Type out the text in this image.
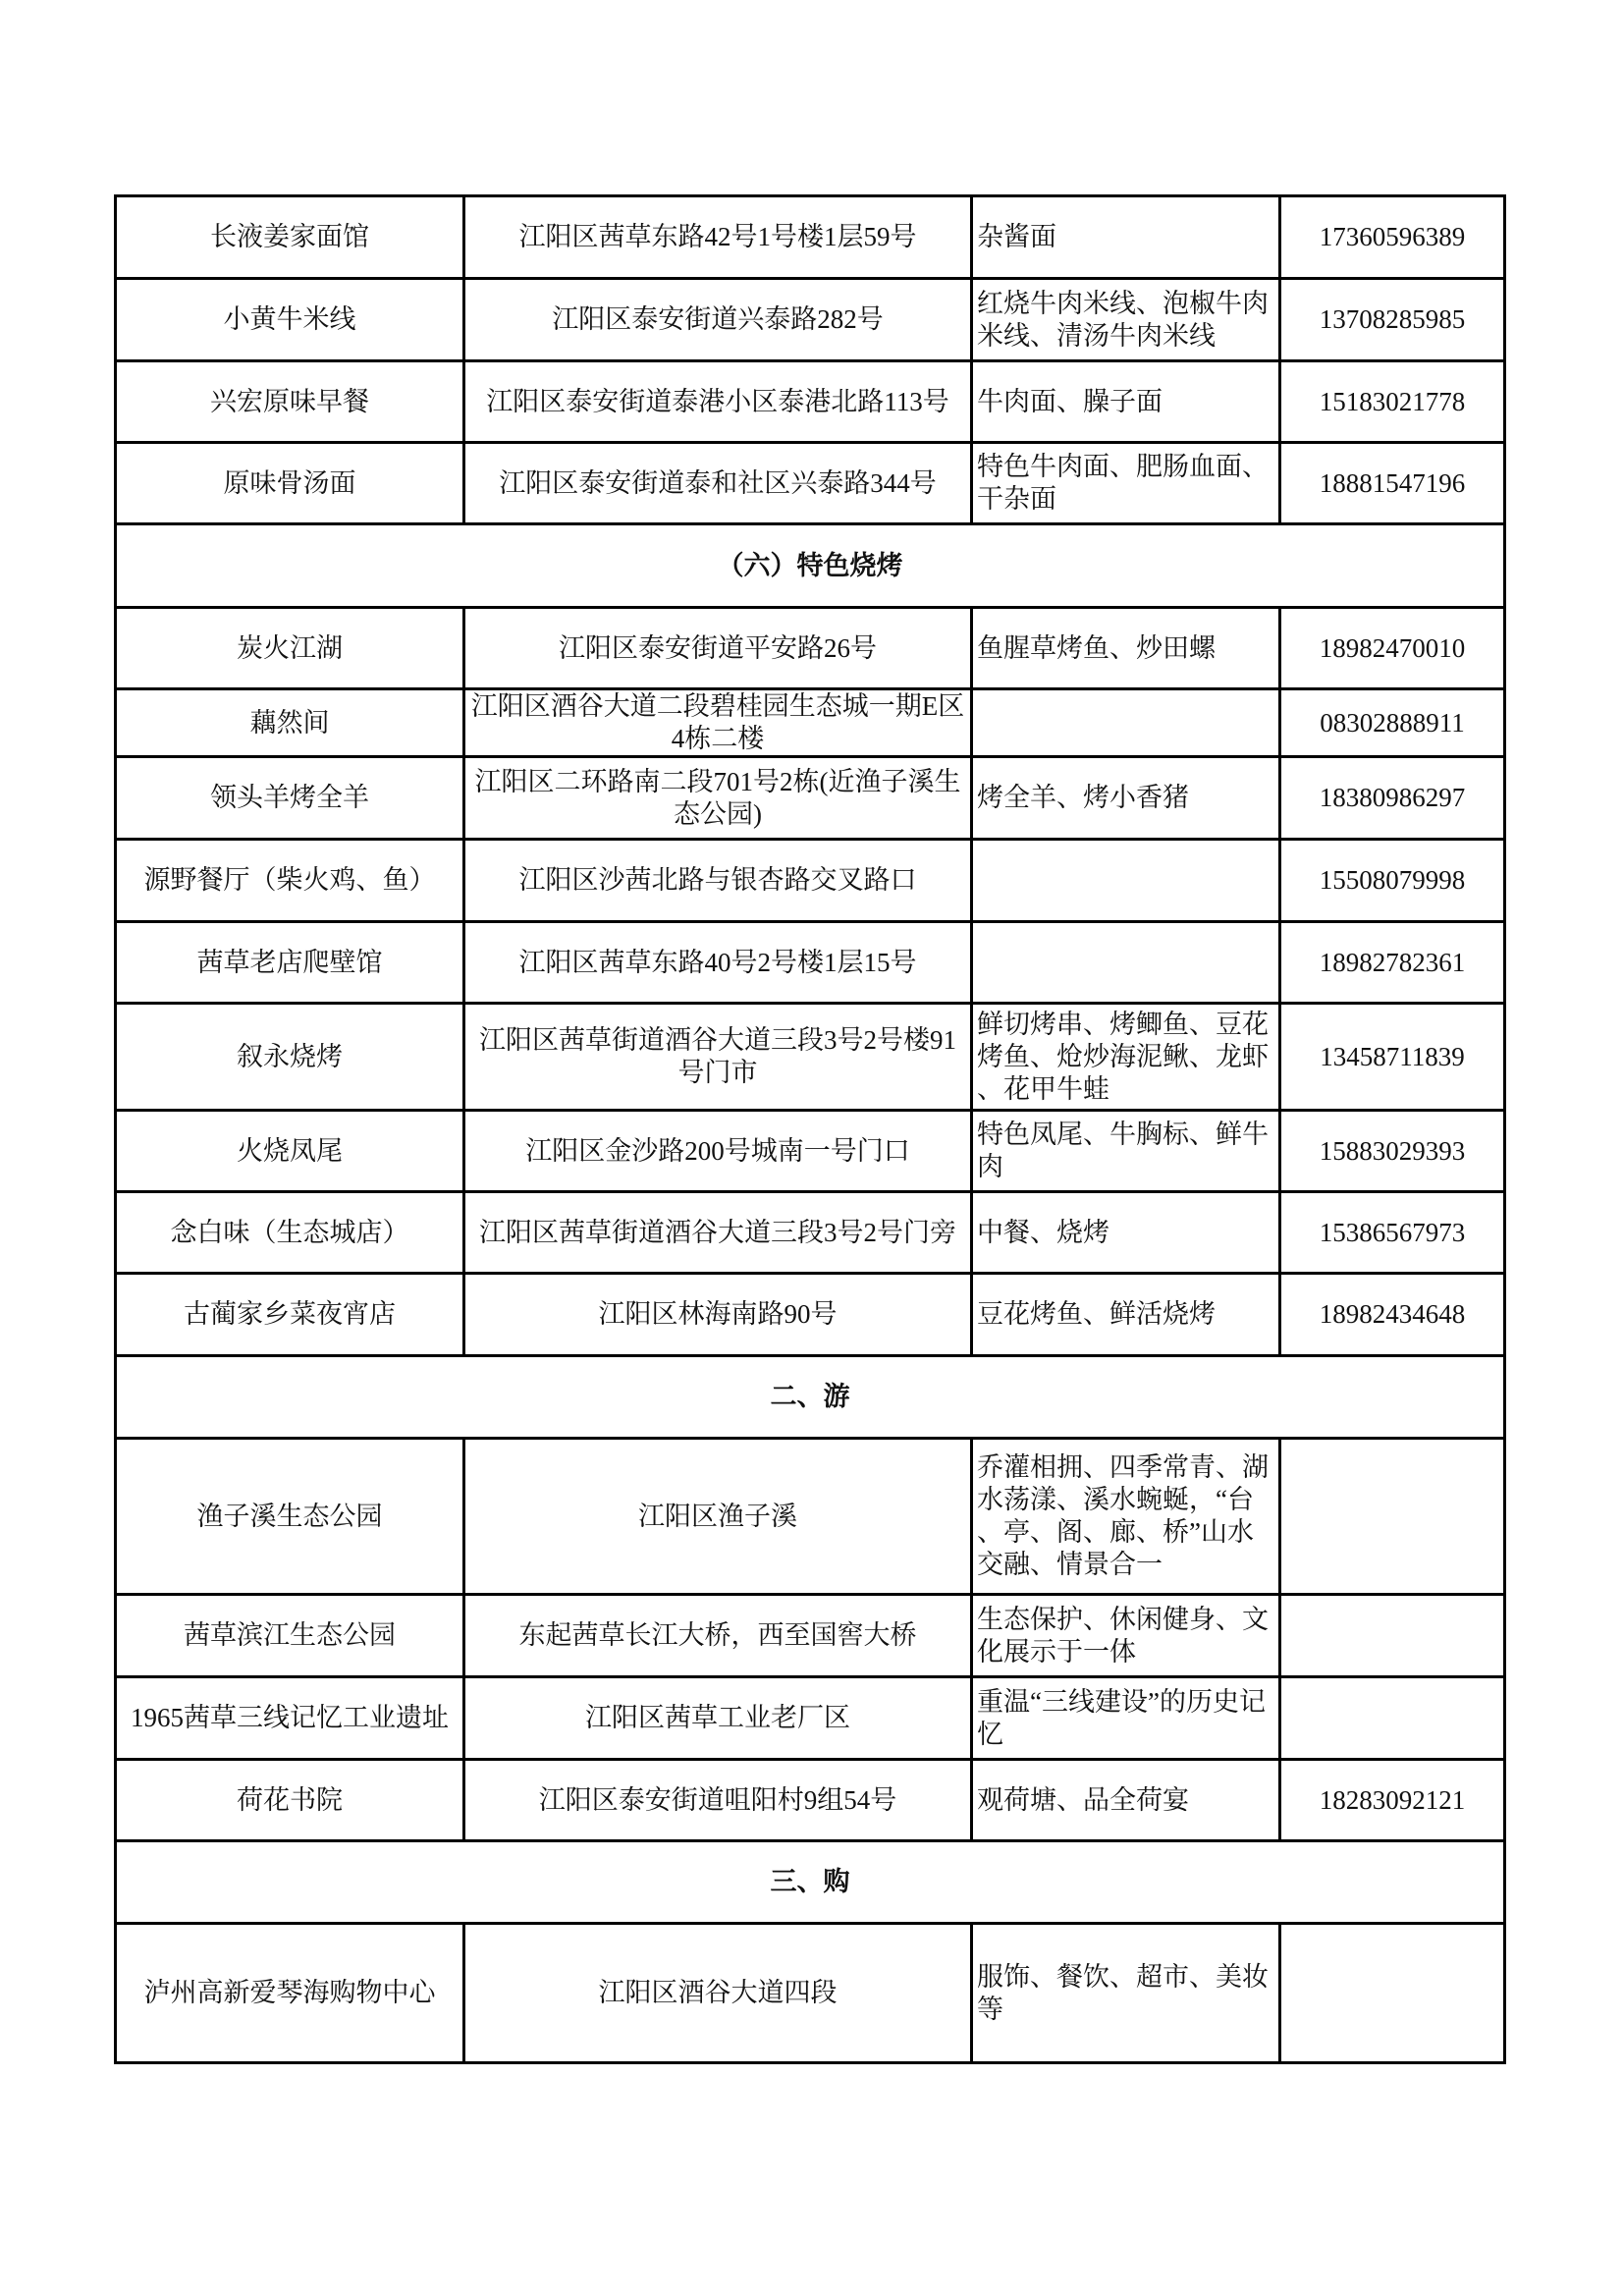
长液姜家面馆	江阳区茜草东路42号1号楼1层59号	杂酱面	17360596389
小黄牛米线	江阳区泰安街道兴泰路282号	红烧牛肉米线、泡椒牛肉米线、清汤牛肉米线	13708285985
兴宏原味早餐	江阳区泰安街道泰港小区泰港北路113号	牛肉面、臊子面	15183021778
原味骨汤面	江阳区泰安街道泰和社区兴泰路344号	特色牛肉面、肥肠血面、干杂面	18881547196
（六）特色烧烤			
炭火江湖	江阳区泰安街道平安路26号	鱼腥草烤鱼、炒田螺	18982470010
藕然间	江阳区酒谷大道二段碧桂园生态城一期E区4栋二楼		08302888911
领头羊烤全羊	江阳区二环路南二段701号2栋(近渔子溪生态公园)	烤全羊、烤小香猪	18380986297
源野餐厅（柴火鸡、鱼）	江阳区沙茜北路与银杏路交叉路口		15508079998
茜草老店爬壁馆	江阳区茜草东路40号2号楼1层15号		18982782361
叙永烧烤	江阳区茜草街道酒谷大道三段3号2号楼91号门市	鲜切烤串、烤鲫鱼、豆花烤鱼、炝炒海泥鳅、龙虾、花甲牛蛙	13458711839
火烧凤尾	江阳区金沙路200号城南一号门口	特色凤尾、牛胸标、鲜牛肉	15883029393
念白味（生态城店）	江阳区茜草街道酒谷大道三段3号2号门旁	中餐、烧烤	15386567973
古蔺家乡菜夜宵店	江阳区林海南路90号	豆花烤鱼、鲜活烧烤	18982434648
二、游			
渔子溪生态公园	江阳区渔子溪	乔灌相拥、四季常青、湖水荡漾、溪水蜿蜒，“台、亭、阁、廊、桥”山水交融、情景合一	
茜草滨江生态公园	东起茜草长江大桥，西至国窖大桥	生态保护、休闲健身、文化展示于一体	
1965茜草三线记忆工业遗址	江阳区茜草工业老厂区	重温“三线建设”的历史记忆	
荷花书院	江阳区泰安街道咀阳村9组54号	观荷塘、品全荷宴	18283092121
三、购			
泸州高新爱琴海购物中心	江阳区酒谷大道四段	服饰、餐饮、超市、美妆等	
